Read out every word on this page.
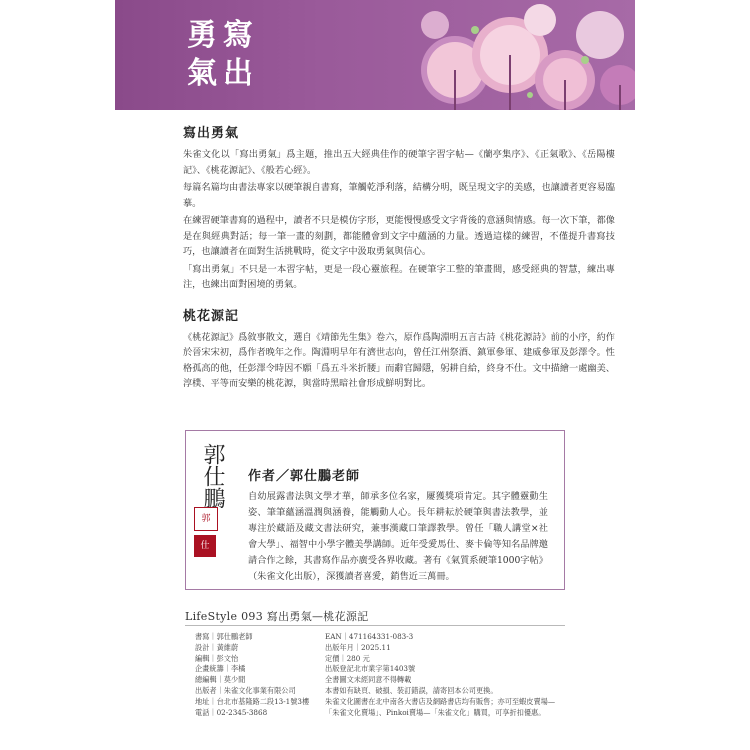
勇 寫
氣 出
寫出勇氣

朱雀文化以「寫出勇氣」爲主題，推出五大經典佳作的硬筆字習字帖—《蘭亭集序》、《正氣歌》、《岳陽樓記》、《桃花源記》、《般若心經》。

每篇名篇均由書法專家以硬筆親自書寫，筆觸乾淨利落，結構分明，既呈現文字的美感，也讓讀者更容易臨摹。

在練習硬筆書寫的過程中，讀者不只是模仿字形，更能慢慢感受文字背後的意涵與情感。每一次下筆，都像是在與經典對話；每一筆一畫的刻劃，都能體會到文字中蘊涵的力量。透過這樣的練習，不僅提升書寫技巧，也讓讀者在面對生活挑戰時，從文字中汲取勇氣與信心。

「寫出勇氣」不只是一本習字帖，更是一段心靈旅程。在硬筆字工整的筆畫間，感受經典的智慧，練出專注，也練出面對困境的勇氣。

桃花源記

《桃花源記》爲敘事散文，選自《靖節先生集》卷六，原作爲陶淵明五言古詩《桃花源詩》前的小序，約作於晉宋宋初，爲作者晚年之作。陶淵明早年有濟世志向，曾任江州祭酒、鎮軍參軍、建威參軍及彭澤令。性格孤高的他，任彭澤令時因不願「爲五斗米折腰」而辭官歸隱，躬耕自給，終身不仕。文中描繪一處幽美、淳樸、平等而安樂的桃花源，與當時黑暗社會形成鮮明對比。

郭仕鵬
郭
仕
作者／郭仕鵬老師
自幼展露書法與文學才華，師承多位名家，屢獲獎項肯定。其字體靈動生姿、筆筆蘊涵溫潤與涵養，能觸動人心。長年耕耘於硬筆與書法教學，並專注於藏語及藏文書法研究，兼事漢藏口筆譯教學。曾任「職人講堂×社會大學」、福智中小學字體美學講師。近年受愛馬仕、麥卡倫等知名品牌邀請合作之餘，其書寫作品亦廣受各界收藏。著有《氣質系硬筆1000字帖》（朱雀文化出版），深獲讀者喜愛，銷售近三萬冊。
LifeStyle 093 寫出勇氣—桃花源記
書寫｜郭仕鵬老師
設計｜黃維蔚
編輯｜彭文怡
企畫統籌｜李橘
總編輯｜莫少閒
出版者｜朱雀文化事業有限公司
地址｜台北市基隆路二段13-1號3樓
電話｜02-2345-3868
EAN｜471164331-083-3
出版年月｜2025.11
定價｜280 元
出版登記北市業字第1403號
全書圖文未經同意不得轉載
本書如有缺頁、破損、裝訂錯誤，請寄回本公司更換。
朱雀文化圖書在北中南各大書店及網路書店均有販售；亦可至蝦皮賣場—
「朱雀文化賣場」、Pinkoi賣場—「朱雀文化」購買，可享折扣優惠。
